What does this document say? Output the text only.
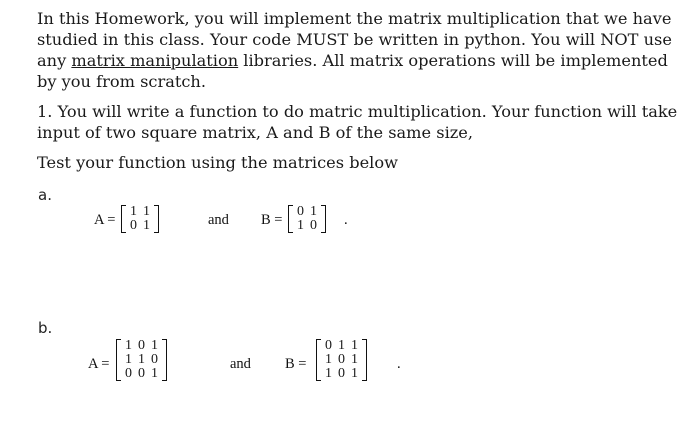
In this Homework, you will implement the matrix multiplication that we have studied in this class. Your code MUST be written in python. You will NOT use any matrix manipulation libraries. All matrix operations will be implemented by you from scratch.
1. You will write a function to do matric multiplication. Your function will take input of two square matrix, A and B of the same size,
Test your function using the matrices below
a.
b.
A =
1	1
0	1	and B =
0	1
1	0 .
A =
1	0	1
1	1	0
0	0	1
and B =
0	1	1
1	0	1
1	0	1
.
